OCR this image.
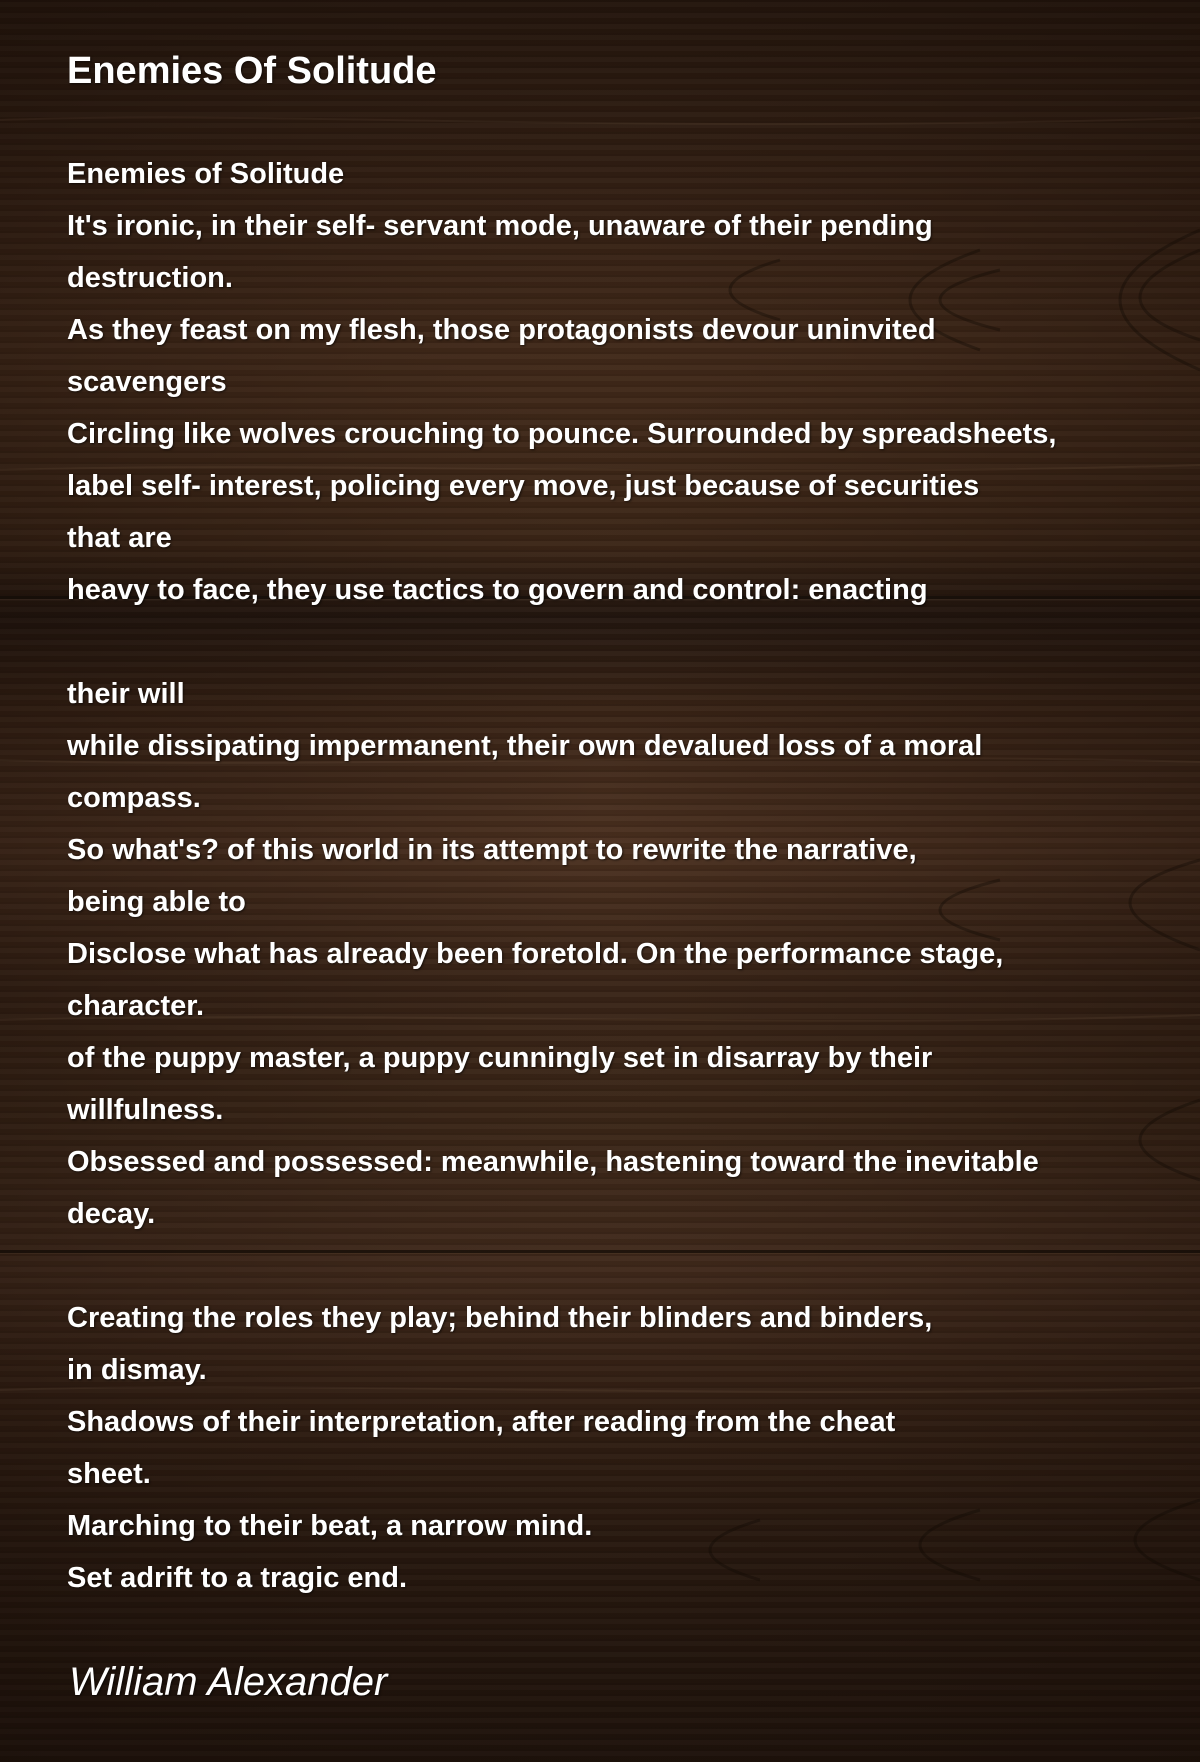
Enemies Of Solitude
Enemies of Solitude
It's ironic, in their self- servant mode, unaware of their pending
destruction.
As they feast on my flesh, those protagonists devour uninvited
scavengers
Circling like wolves crouching to pounce. Surrounded by spreadsheets,
label self- interest, policing every move, just because of securities
that are
heavy to face, they use tactics to govern and control: enacting
their will
while dissipating impermanent, their own devalued loss of a moral
compass.
So what's? of this world in its attempt to rewrite the narrative,
being able to
Disclose what has already been foretold. On the performance stage,
character.
of the puppy master, a puppy cunningly set in disarray by their
willfulness.
Obsessed and possessed: meanwhile, hastening toward the inevitable
decay.
Creating the roles they play; behind their blinders and binders,
in dismay.
Shadows of their interpretation, after reading from the cheat
sheet.
Marching to their beat, a narrow mind.
Set adrift to a tragic end.

William Alexander
